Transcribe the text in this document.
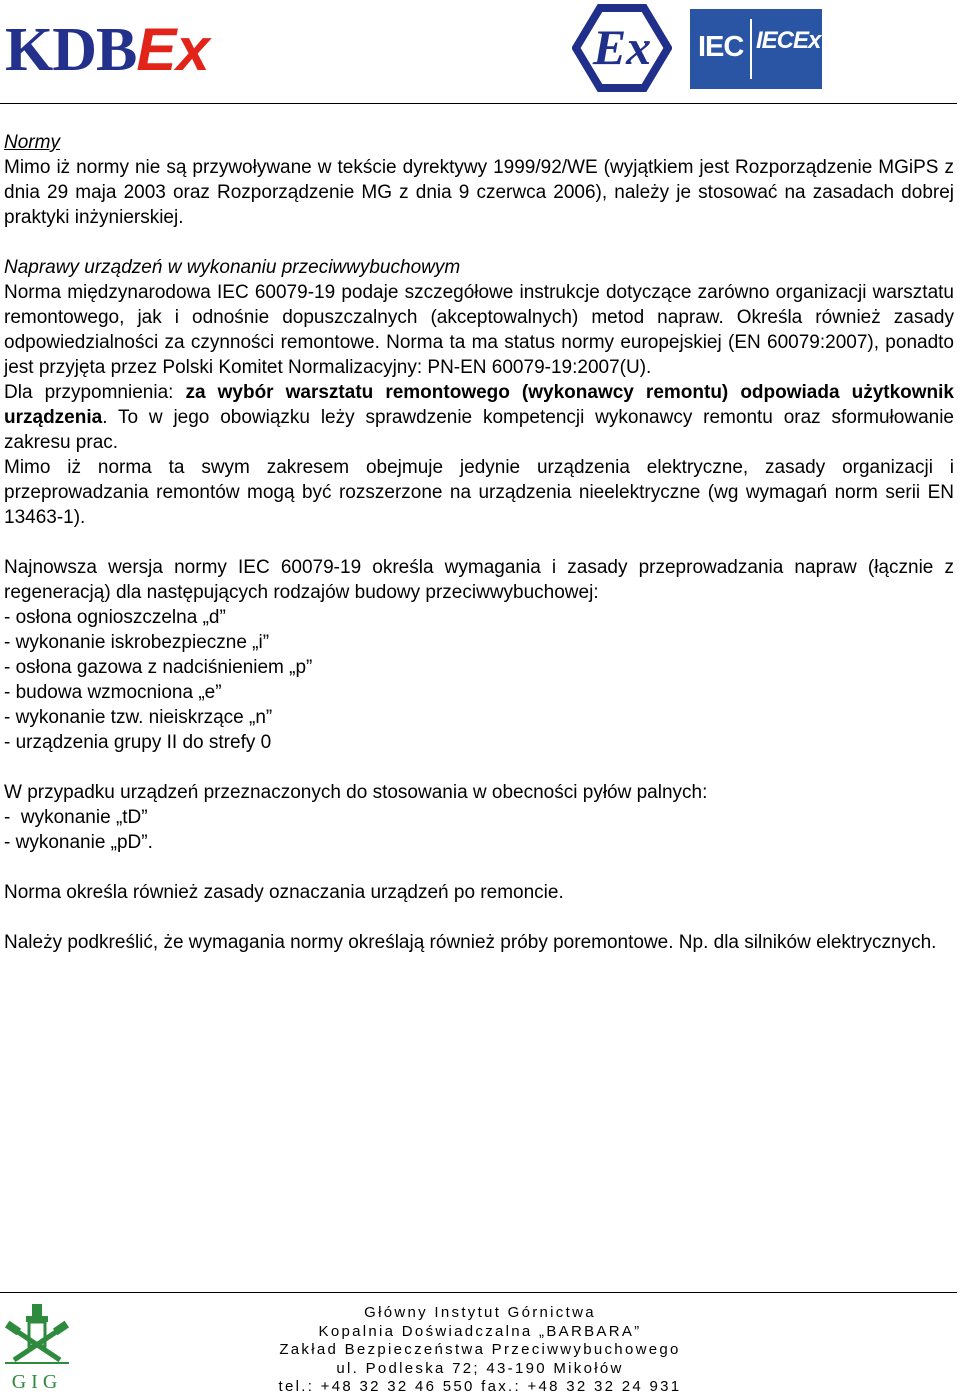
KDBEx	Ex IEC IECEx

Normy

Mimo iż normy nie są przywoływane w tekście dyrektywy 1999/92/WE (wyjątkiem jest Rozporządzenie MGiPS z dnia 29 maja 2003 oraz Rozporządzenie MG z dnia 9 czerwca 2006), należy je stosować na zasadach dobrej praktyki inżynierskiej.

Naprawy urządzeń w wykonaniu przeciwwybuchowym

Norma międzynarodowa IEC 60079-19 podaje szczegółowe instrukcje dotyczące zarówno organizacji warsztatu remontowego, jak i odnośnie dopuszczalnych (akceptowalnych) metod napraw. Określa również zasady odpowiedzialności za czynności remontowe. Norma ta ma status normy europejskiej (EN 60079:2007), ponadto jest przyjęta przez Polski Komitet Normalizacyjny: PN-EN 60079-19:2007(U).

Dla przypomnienia: za wybór warsztatu remontowego (wykonawcy remontu) odpowiada użytkownik urządzenia. To w jego obowiązku leży sprawdzenie kompetencji wykonawcy remontu oraz sformułowanie zakresu prac.

Mimo iż norma ta swym zakresem obejmuje jedynie urządzenia elektryczne, zasady organizacji i przeprowadzania remontów mogą być rozszerzone na urządzenia nieelektryczne (wg wymagań norm serii EN 13463-1).

Najnowsza wersja normy IEC 60079-19 określa wymagania i zasady przeprowadzania napraw (łącznie z regeneracją) dla następujących rodzajów budowy przeciwwybuchowej:

- osłona ognioszczelna „d”

- wykonanie iskrobezpieczne „i”

- osłona gazowa z nadciśnieniem „p”

- budowa wzmocniona „e”

- wykonanie tzw. nieiskrzące „n”

- urządzenia grupy II do strefy 0

W przypadku urządzeń przeznaczonych do stosowania w obecności pyłów palnych:

-  wykonanie „tD”

- wykonanie „pD”.

Norma określa również zasady oznaczania urządzeń po remoncie.

Należy podkreślić, że wymagania normy określają również próby poremontowe. Np. dla silników elektrycznych.

GIG
Główny Instytut Górnictwa
Kopalnia Doświadczalna „BARBARA”
Zakład Bezpieczeństwa Przeciwwybuchowego
ul. Podleska 72; 43-190 Mikołów
tel.: +48 32 32 46 550 fax.: +48 32 32 24 931
